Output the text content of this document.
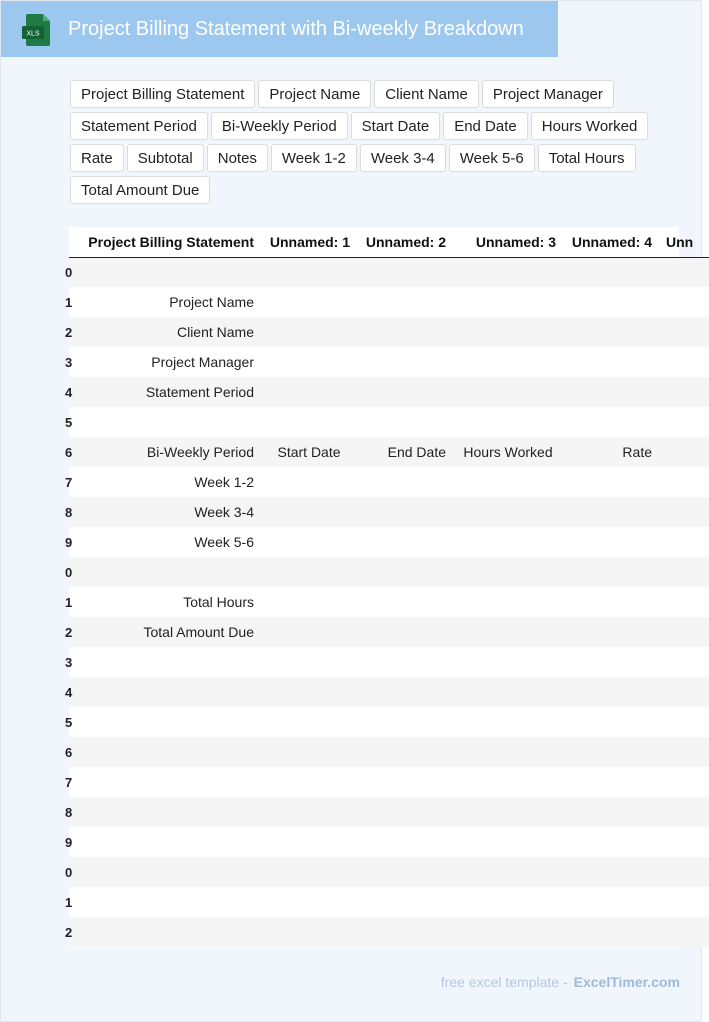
XLS Project Billing Statement with Bi-weekly Breakdown
Project Billing Statement	Project Name	Client Name	Project Manager
Statement Period	Bi-Weekly Period	Start Date	End Date	Hours Worked
Rate	Subtotal	Notes	Week 1-2	Week 3-4	Week 5-6	Total Hours
Total Amount Due
	Project Billing Statement	Unnamed: 1	Unnamed: 2	Unnamed: 3	Unnamed: 4	Unn
0						
1	Project Name					
2	Client Name					
3	Project Manager					
4	Statement Period					
5						
6	Bi-Weekly Period	Start Date	End Date	Hours Worked	Rate	
7	Week 1-2					
8	Week 3-4					
9	Week 5-6					
0						
1	Total Hours					
2	Total Amount Due					
3						
4						
5						
6						
7						
8						
9						
0						
1						
2						
free excel template - ExcelTimer.com
